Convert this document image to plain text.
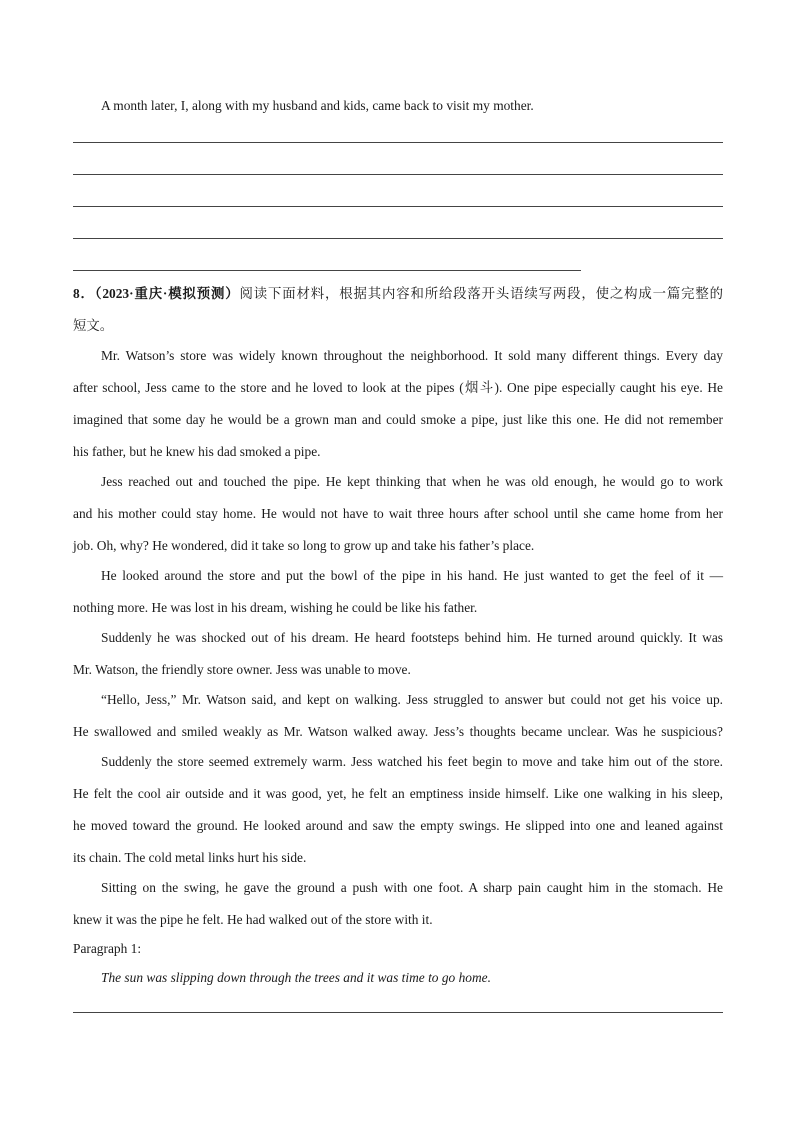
A month later, I, along with my husband and kids, came back to visit my mother.
8．（2023·重庆·模拟预测）阅读下面材料，根据其内容和所给段落开头语续写两段，使之构成一篇完整的
短文。
Mr. Watson’s store was widely known throughout the neighborhood. It sold many different things. Every day
after school, Jess came to the store and he loved to look at the pipes (烟斗). One pipe especially caught his eye. He
imagined that some day he would be a grown man and could smoke a pipe, just like this one. He did not remember
his father, but he knew his dad smoked a pipe.
Jess reached out and touched the pipe. He kept thinking that when he was old enough, he would go to work
and his mother could stay home. He would not have to wait three hours after school until she came home from her
job. Oh, why? He wondered, did it take so long to grow up and take his father’s place.
He looked around the store and put the bowl of the pipe in his hand. He just wanted to get the feel of it —
nothing more. He was lost in his dream, wishing he could be like his father.
Suddenly he was shocked out of his dream. He heard footsteps behind him. He turned around quickly. It was
Mr. Watson, the friendly store owner. Jess was unable to move.
“Hello, Jess,” Mr. Watson said, and kept on walking. Jess struggled to answer but could not get his voice up.
He swallowed and smiled weakly as Mr. Watson walked away. Jess’s thoughts became unclear. Was he suspicious?
Suddenly the store seemed extremely warm. Jess watched his feet begin to move and take him out of the store.
He felt the cool air outside and it was good, yet, he felt an emptiness inside himself. Like one walking in his sleep,
he moved toward the ground. He looked around and saw the empty swings. He slipped into one and leaned against
its chain. The cold metal links hurt his side.
Sitting on the swing, he gave the ground a push with one foot. A sharp pain caught him in the stomach. He
knew it was the pipe he felt. He had walked out of the store with it.
Paragraph 1:
The sun was slipping down through the trees and it was time to go home.
